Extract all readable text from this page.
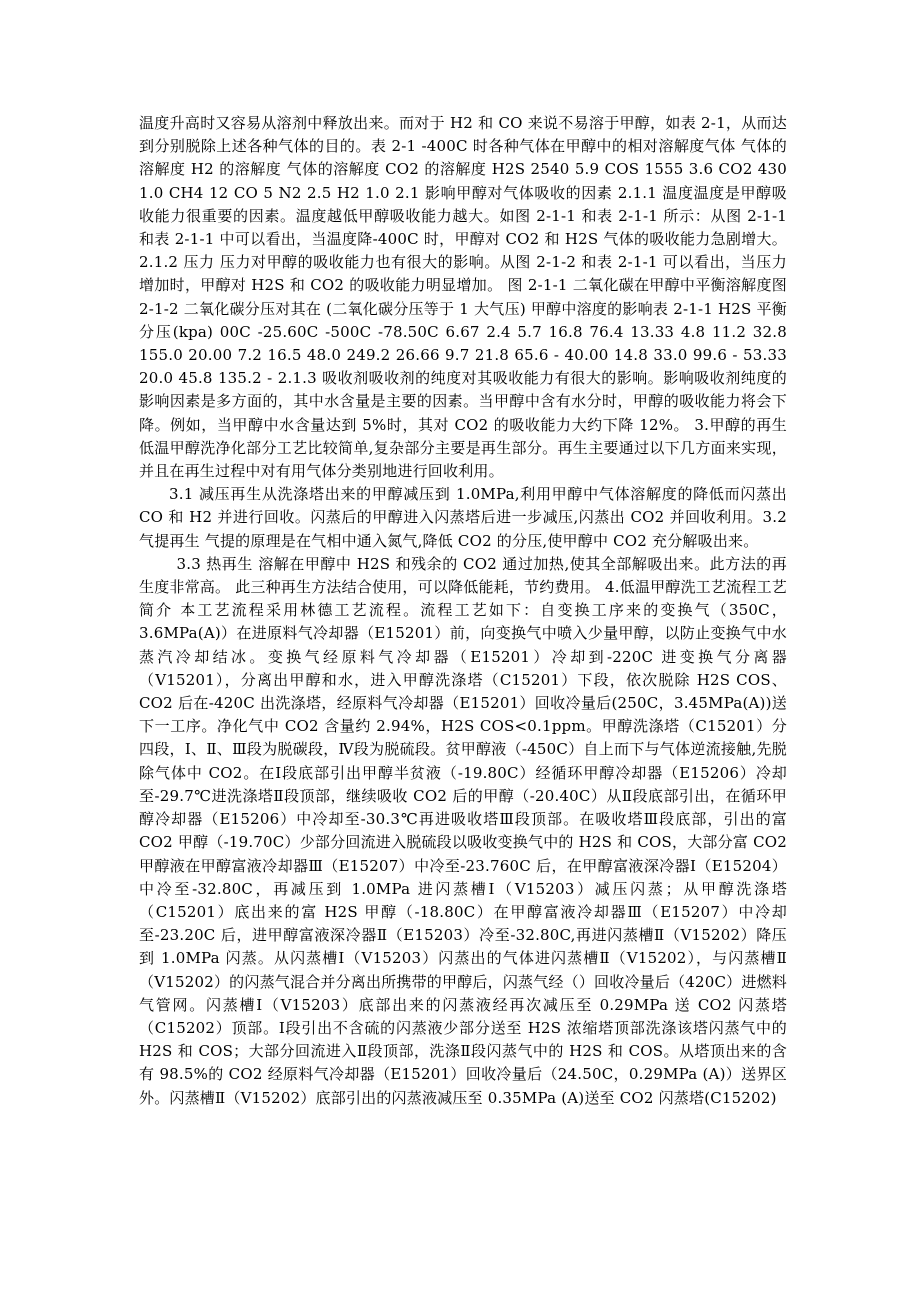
温度升高时又容易从溶剂中释放出来。而对于 H2 和 CO 来说不易溶于甲醇，如表 2-1，从而达到分别脱除上述各种气体的目的。表 2-1 -400C 时各种气体在甲醇中的相对溶解度气体 气体的溶解度 H2 的溶解度 气体的溶解度 CO2 的溶解度 H2S 2540 5.9 COS 1555 3.6 CO2 430 1.0 CH4 12 CO 5 N2 2.5 H2 1.0 2.1 影响甲醇对气体吸收的因素 2.1.1 温度温度是甲醇吸收能力很重要的因素。温度越低甲醇吸收能力越大。如图 2-1-1 和表 2-1-1 所示：从图 2-1-1 和表 2-1-1 中可以看出，当温度降-400C 时，甲醇对 CO2 和 H2S 气体的吸收能力急剧增大。2.1.2 压力 压力对甲醇的吸收能力也有很大的影响。从图 2-1-2 和表 2-1-1 可以看出，当压力增加时，甲醇对 H2S 和 CO2 的吸收能力明显增加。 图 2-1-1 二氧化碳在甲醇中平衡溶解度图 2-1-2 二氧化碳分压对其在 (二氧化碳分压等于 1 大气压) 甲醇中溶度的影响表 2-1-1 H2S 平衡分压(kpa) 00C -25.60C -500C -78.50C 6.67 2.4 5.7 16.8 76.4 13.33 4.8 11.2 32.8 155.0 20.00 7.2 16.5 48.0 249.2 26.66 9.7 21.8 65.6 - 40.00 14.8 33.0 99.6 - 53.33 20.0 45.8 135.2 - 2.1.3 吸收剂吸收剂的纯度对其吸收能力有很大的影响。影响吸收剂纯度的影响因素是多方面的，其中水含量是主要的因素。当甲醇中含有水分时，甲醇的吸收能力将会下降。例如，当甲醇中水含量达到 5%时，其对 CO2 的吸收能力大约下降 12%。 3.甲醇的再生低温甲醇洗净化部分工艺比较简单,复杂部分主要是再生部分。再生主要通过以下几方面来实现，并且在再生过程中对有用气体分类别地进行回收利用。

3.1 减压再生从洗涤塔出来的甲醇减压到 1.0MPa,利用甲醇中气体溶解度的降低而闪蒸出 CO 和 H2 并进行回收。闪蒸后的甲醇进入闪蒸塔后进一步减压,闪蒸出 CO2 并回收利用。3.2 气提再生 气提的原理是在气相中通入氮气,降低 CO2 的分压,使甲醇中 CO2 充分解吸出来。

3.3 热再生 溶解在甲醇中 H2S 和残余的 CO2 通过加热,使其全部解吸出来。此方法的再生度非常高。 此三种再生方法结合使用，可以降低能耗，节约费用。 4.低温甲醇洗工艺流程工艺简介 本工艺流程采用林德工艺流程。流程工艺如下：自变换工序来的变换气（350C，3.6MPa(A)）在进原料气冷却器（E15201）前，向变换气中喷入少量甲醇，以防止变换气中水蒸汽冷却结冰。变换气经原料气冷却器（E15201）冷却到-220C 进变换气分离器（V15201），分离出甲醇和水，进入甲醇洗涤塔（C15201）下段，依次脱除 H2S COS、CO2 后在-420C 出洗涤塔，经原料气冷却器（E15201）回收冷量后(250C，3.45MPa(A))送下一工序。净化气中 CO2 含量约 2.94%，H2S COS<0.1ppm。甲醇洗涤塔（C15201）分四段，Ⅰ、Ⅱ、Ⅲ段为脱碳段，Ⅳ段为脱硫段。贫甲醇液（-450C）自上而下与气体逆流接触,先脱除气体中 CO2。在Ⅰ段底部引出甲醇半贫液（-19.80C）经循环甲醇冷却器（E15206）冷却至-29.7℃进洗涤塔Ⅱ段顶部，继续吸收 CO2 后的甲醇（-20.40C）从Ⅱ段底部引出，在循环甲醇冷却器（E15206）中冷却至-30.3℃再进吸收塔Ⅲ段顶部。在吸收塔Ⅲ段底部，引出的富 CO2 甲醇（-19.70C）少部分回流进入脱硫段以吸收变换气中的 H2S 和 COS，大部分富 CO2 甲醇液在甲醇富液冷却器Ⅲ（E15207）中冷至-23.760C 后，在甲醇富液深冷器Ⅰ（E15204）中冷至-32.80C，再减压到 1.0MPa 进闪蒸槽Ⅰ（V15203）减压闪蒸；从甲醇洗涤塔（C15201）底出来的富 H2S 甲醇（-18.80C）在甲醇富液冷却器Ⅲ（E15207）中冷却至-23.20C 后，进甲醇富液深冷器Ⅱ（E15203）冷至-32.80C,再进闪蒸槽Ⅱ（V15202）降压到 1.0MPa 闪蒸。从闪蒸槽Ⅰ（V15203）闪蒸出的气体进闪蒸槽Ⅱ（V15202），与闪蒸槽Ⅱ（V15202）的闪蒸气混合并分离出所携带的甲醇后，闪蒸气经（）回收冷量后（420C）进燃料气管网。闪蒸槽Ⅰ（V15203）底部出来的闪蒸液经再次减压至 0.29MPa 送 CO2 闪蒸塔（C15202）顶部。Ⅰ段引出不含硫的闪蒸液少部分送至 H2S 浓缩塔顶部洗涤该塔闪蒸气中的 H2S 和 COS；大部分回流进入Ⅱ段顶部，洗涤Ⅱ段闪蒸气中的 H2S 和 COS。从塔顶出来的含有 98.5%的 CO2 经原料气冷却器（E15201）回收冷量后（24.50C，0.29MPa (A)）送界区外。闪蒸槽Ⅱ（V15202）底部引出的闪蒸液减压至 0.35MPa (A)送至 CO2 闪蒸塔(C15202)
